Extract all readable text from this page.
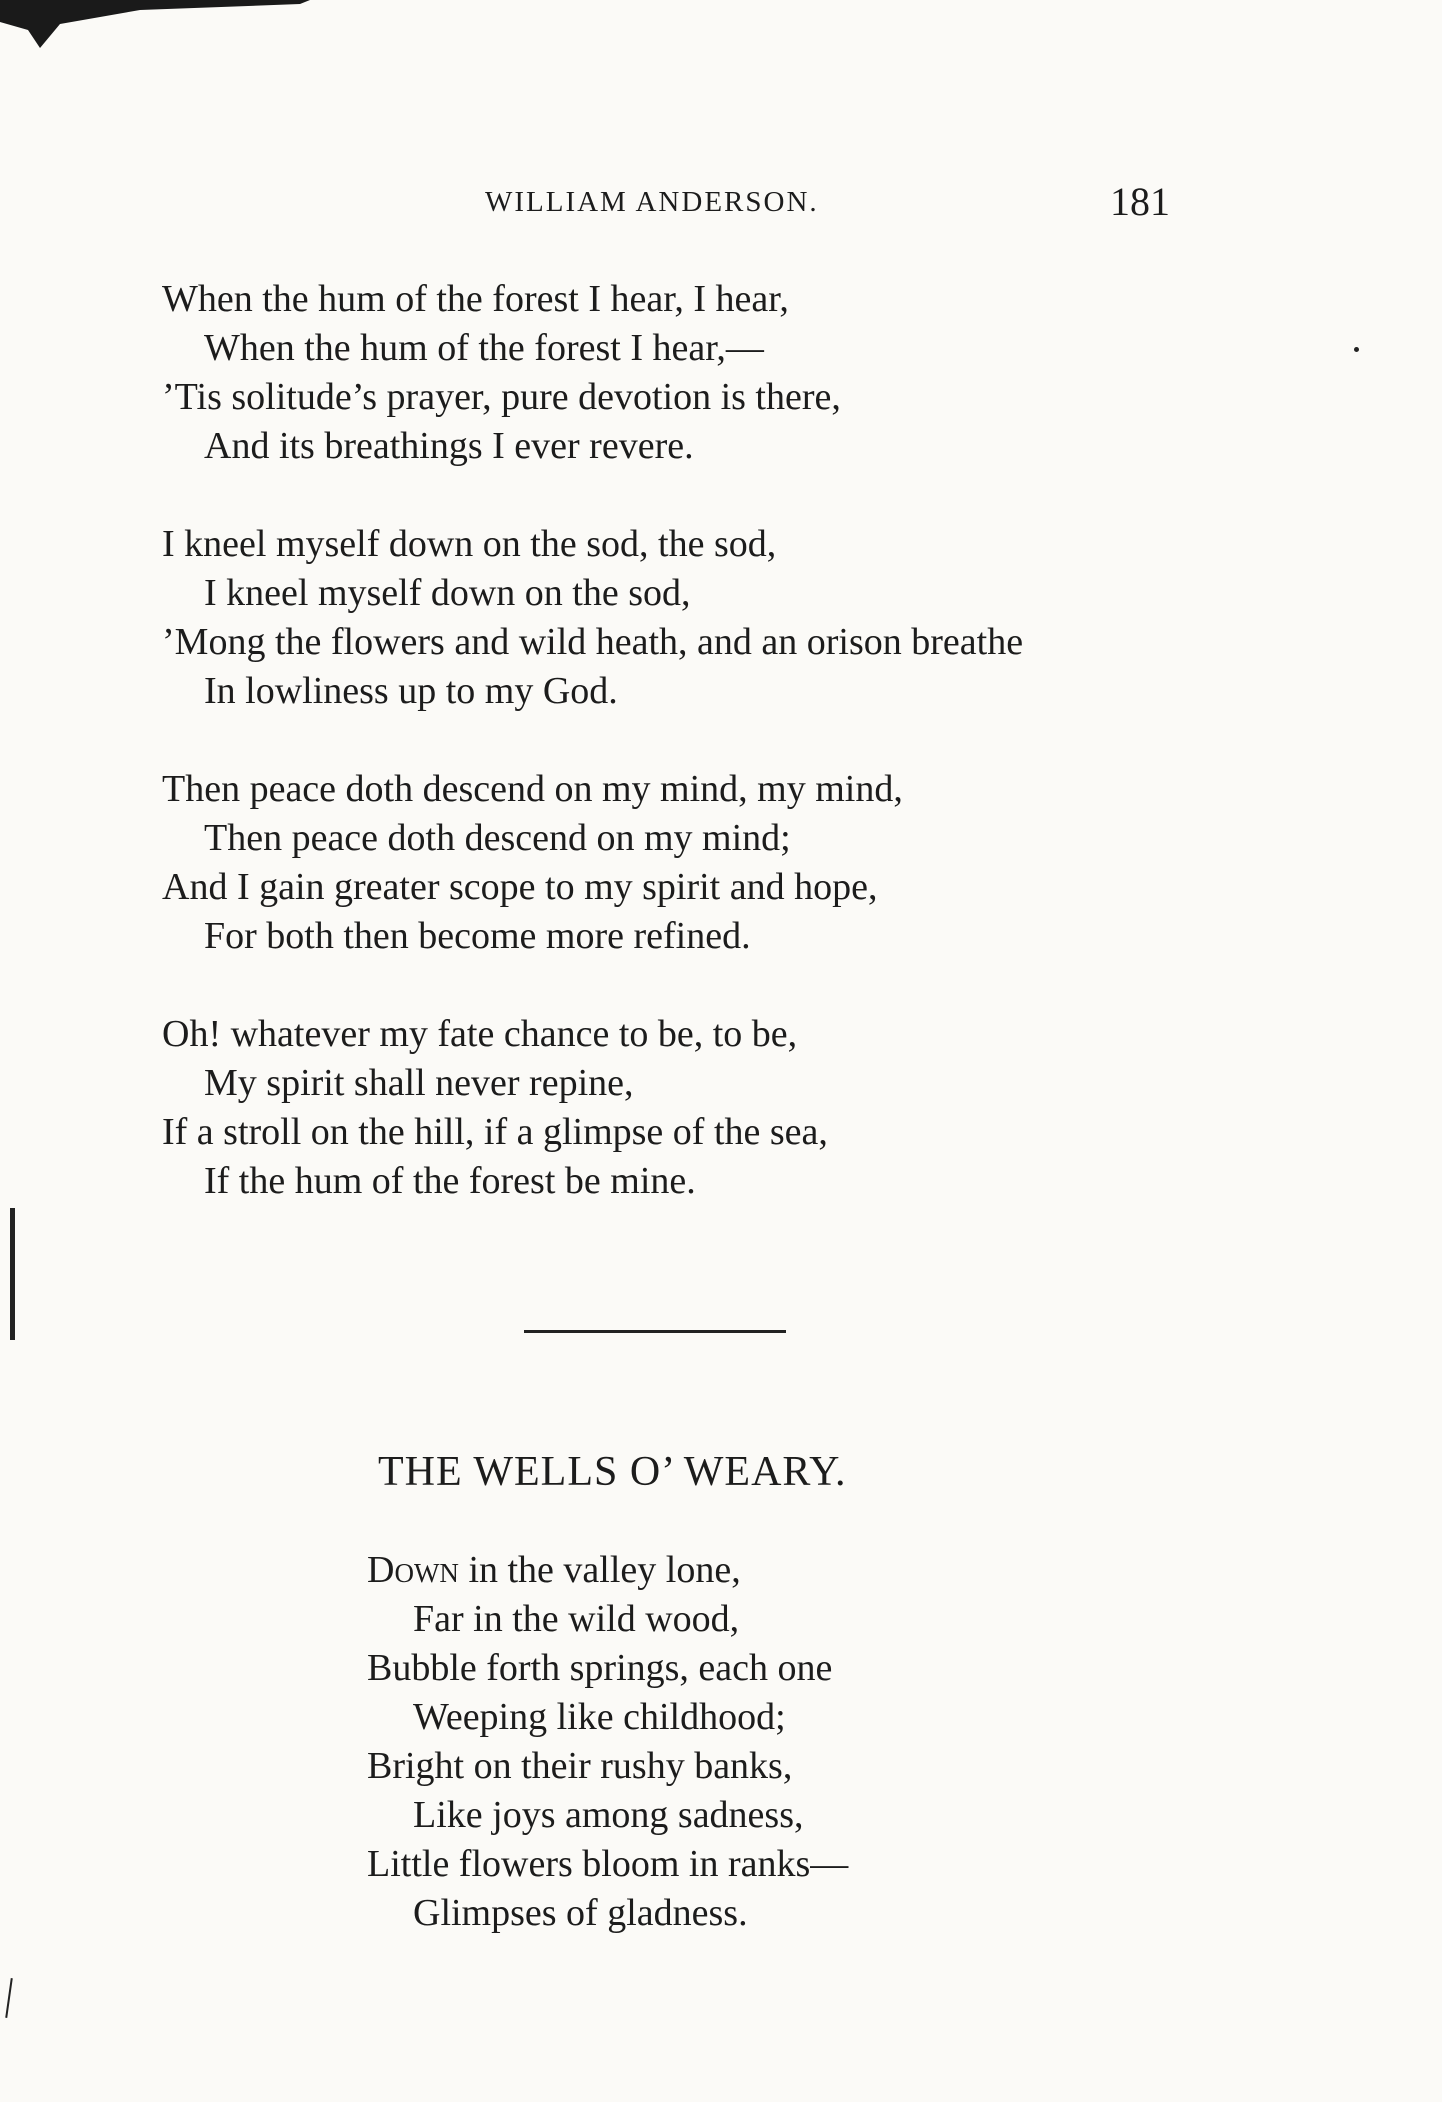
WILLIAM ANDERSON.	181
When the hum of the forest I hear, I hear,
When the hum of the forest I hear,—
’Tis solitude’s prayer, pure devotion is there,
And its breathings I ever revere.
I kneel myself down on the sod, the sod,
I kneel myself down on the sod,
’Mong the flowers and wild heath, and an orison breathe
In lowliness up to my God.
Then peace doth descend on my mind, my mind,
Then peace doth descend on my mind;
And I gain greater scope to my spirit and hope,
For both then become more refined.
Oh! whatever my fate chance to be, to be,
My spirit shall never repine,
If a stroll on the hill, if a glimpse of the sea,
If the hum of the forest be mine.
THE WELLS O’ WEARY.
Down in the valley lone,
Far in the wild wood,
Bubble forth springs, each one
Weeping like childhood;
Bright on their rushy banks,
Like joys among sadness,
Little flowers bloom in ranks—
Glimpses of gladness.
